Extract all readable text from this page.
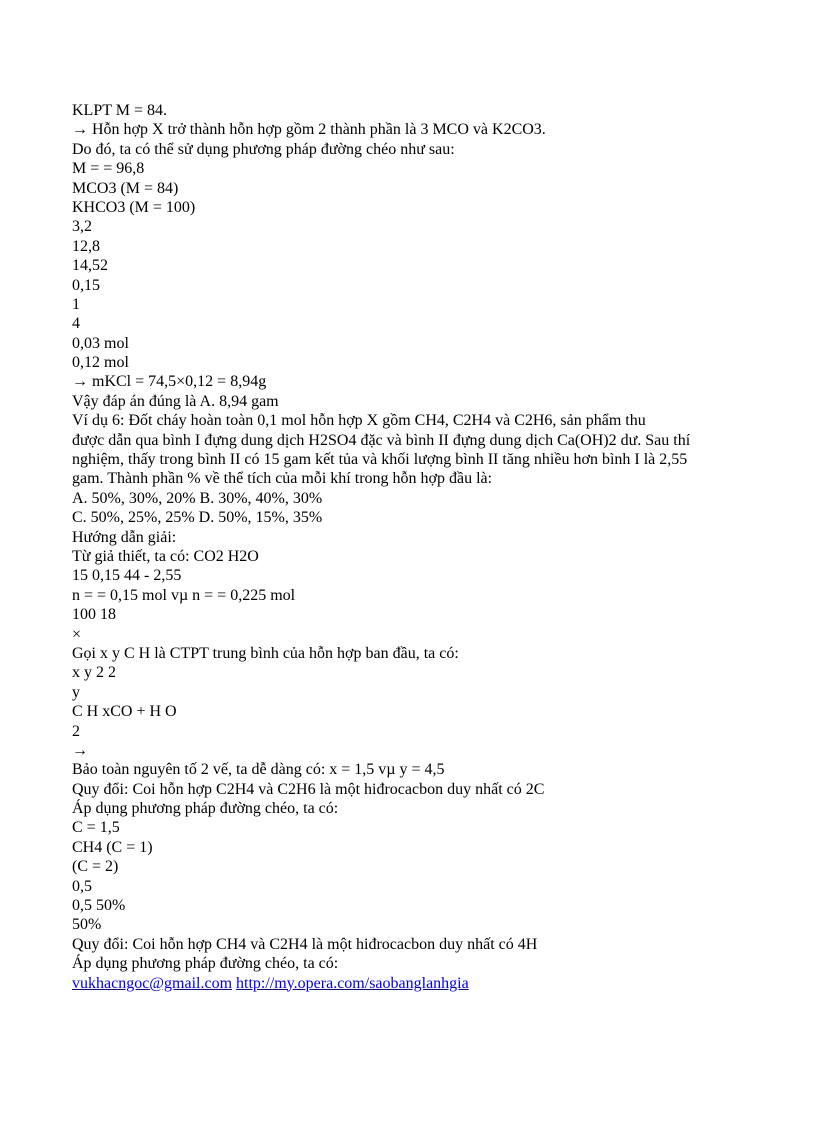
KLPT M = 84.
→ Hỗn hợp X trở thành hỗn hợp gồm 2 thành phần là 3 MCO và K2CO3.
Do đó, ta có thể sử dụng phương pháp đường chéo như sau:
M = = 96,8
MCO3 (M = 84)
KHCO3 (M = 100)
3,2
12,8
14,52
0,15
1
4
0,03 mol
0,12 mol
→ mKCl = 74,5×0,12 = 8,94g
Vậy đáp án đúng là A. 8,94 gam
Ví dụ 6: Đốt cháy hoàn toàn 0,1 mol hỗn hợp X gồm CH4, C2H4 và C2H6, sản phẩm thu
được dẫn qua bình I đựng dung dịch H2SO4 đặc và bình II đựng dung dịch Ca(OH)2 dư. Sau thí
nghiệm, thấy trong bình II có 15 gam kết tủa và khối lượng bình II tăng nhiều hơn bình I là 2,55
gam. Thành phần % về thể tích của mỗi khí trong hỗn hợp đầu là:
A. 50%, 30%, 20% B. 30%, 40%, 30%
C. 50%, 25%, 25% D. 50%, 15%, 35%
Hướng dẫn giải:
Từ giả thiết, ta có: CO2 H2O
15 0,15 44 - 2,55
n = = 0,15 mol vµ n = = 0,225 mol
100 18
×
Gọi x y C H là CTPT trung bình của hỗn hợp ban đầu, ta có:
x y 2 2
y
C H xCO + H O
2
→
Bảo toàn nguyên tố 2 vế, ta dễ dàng có: x = 1,5 vµ y = 4,5
Quy đổi: Coi hỗn hợp C2H4 và C2H6 là một hiđrocacbon duy nhất có 2C
Áp dụng phương pháp đường chéo, ta có:
C = 1,5
CH4 (C = 1)
(C = 2)
0,5
0,5 50%
50%
Quy đổi: Coi hỗn hợp CH4 và C2H4 là một hiđrocacbon duy nhất có 4H
Áp dụng phương pháp đường chéo, ta có:
vukhacngoc@gmail.com http://my.opera.com/saobanglanhgia
